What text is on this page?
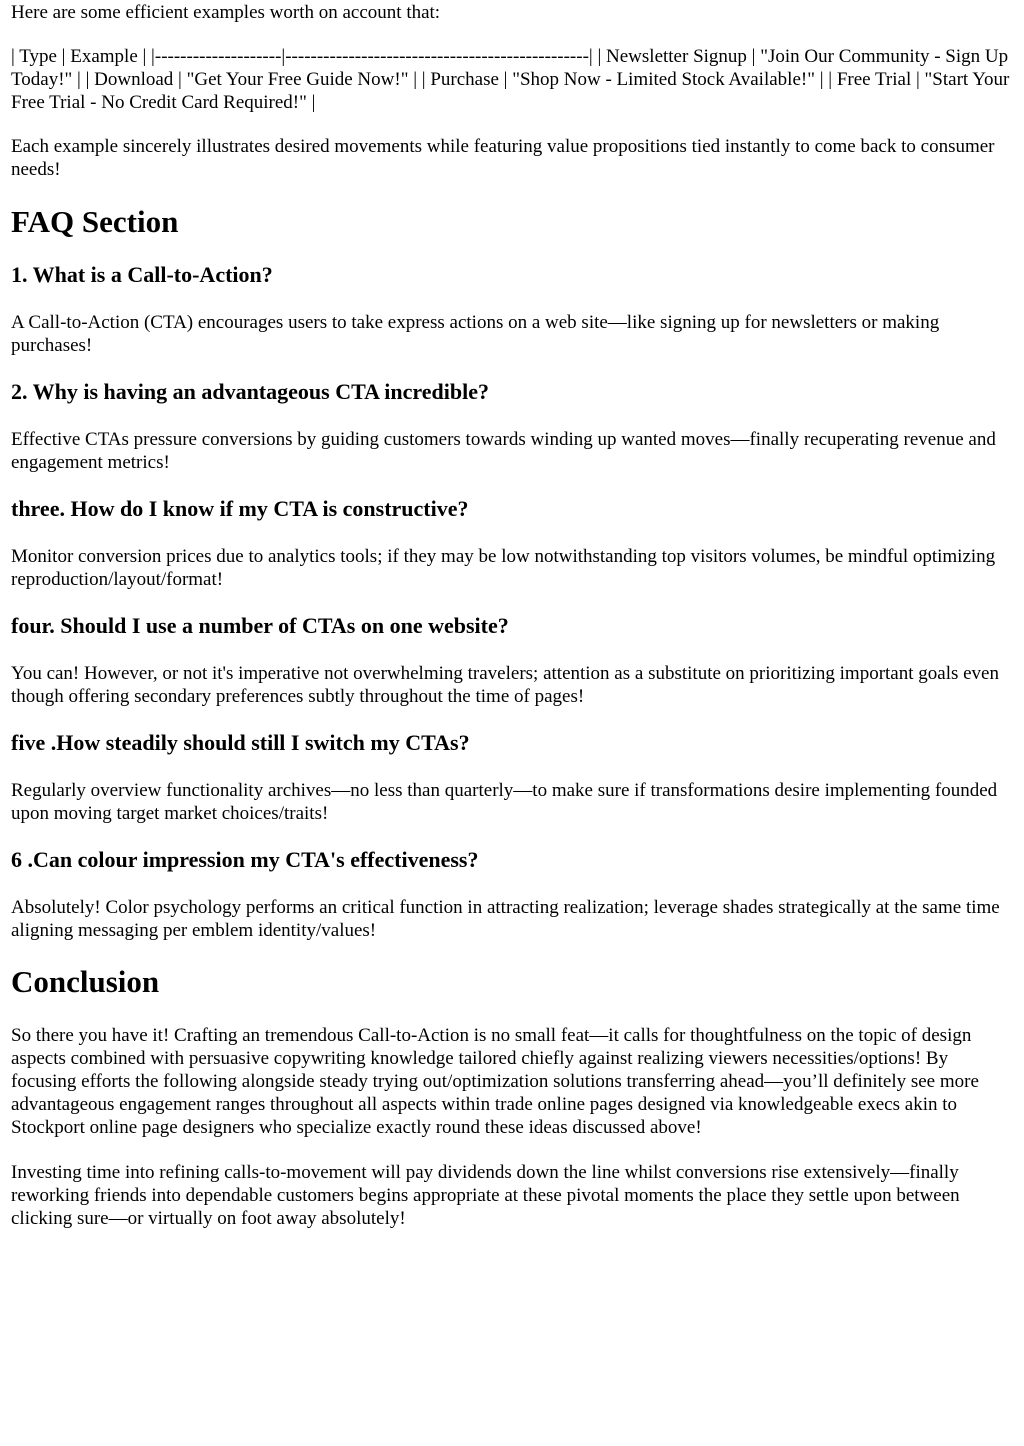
Here are some efficient examples worth on account that:

| Type | Example | |--------------------|------------------------------------------------| | Newsletter Signup | "Join Our Community - Sign Up Today!" | | Download | "Get Your Free Guide Now!" | | Purchase | "Shop Now - Limited Stock Available!" | | Free Trial | "Start Your Free Trial - No Credit Card Required!" |

Each example sincerely illustrates desired movements while featuring value propositions tied instantly to come back to consumer needs!

FAQ Section
1. What is a Call-to-Action?

A Call-to-Action (CTA) encourages users to take express actions on a web site—like signing up for newsletters or making purchases!

2. Why is having an advantageous CTA incredible?

Effective CTAs pressure conversions by guiding customers towards winding up wanted moves—finally recuperating revenue and engagement metrics!

three. How do I know if my CTA is constructive?

Monitor conversion prices due to analytics tools; if they may be low notwithstanding top visitors volumes, be mindful optimizing reproduction/layout/format!

four. Should I use a number of CTAs on one website?

You can! However, or not it's imperative not overwhelming travelers; attention as a substitute on prioritizing important goals even though offering secondary preferences subtly throughout the time of pages!

five .How steadily should still I switch my CTAs?

Regularly overview functionality archives—no less than quarterly—to make sure if transformations desire implementing founded upon moving target market choices/traits!

6 .Can colour impression my CTA's effectiveness?

Absolutely! Color psychology performs an critical function in attracting realization; leverage shades strategically at the same time aligning messaging per emblem identity/values!

Conclusion

So there you have it! Crafting an tremendous Call-to-Action is no small feat—it calls for thoughtfulness on the topic of design aspects combined with persuasive copywriting knowledge tailored chiefly against realizing viewers necessities/options! By focusing efforts the following alongside steady trying out/optimization solutions transferring ahead—you’ll definitely see more advantageous engagement ranges throughout all aspects within trade online pages designed via knowledgeable execs akin to Stockport online page designers who specialize exactly round these ideas discussed above!

Investing time into refining calls-to-movement will pay dividends down the line whilst conversions rise extensively—finally reworking friends into dependable customers begins appropriate at these pivotal moments the place they settle upon between clicking sure—or virtually on foot away absolutely!
